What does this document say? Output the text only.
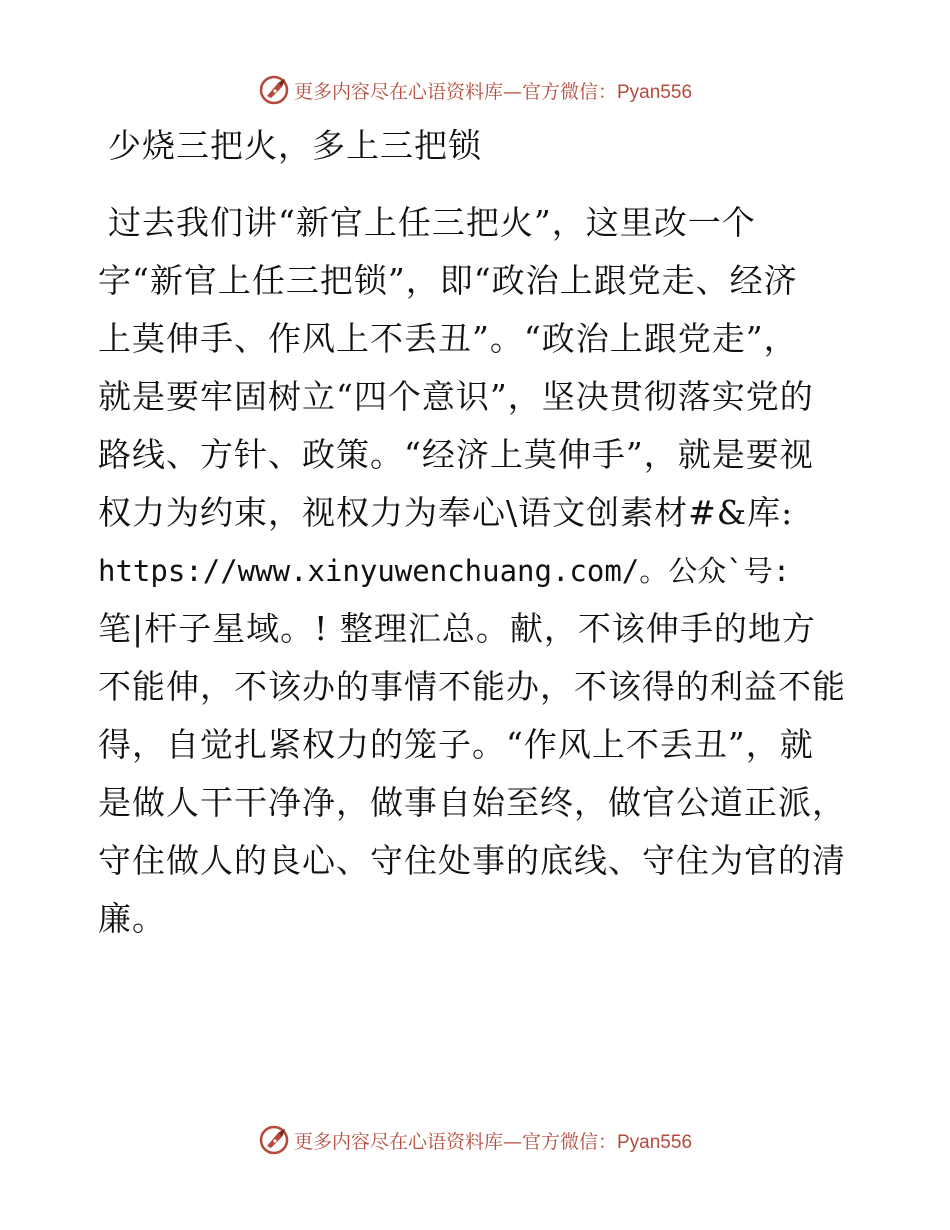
更多内容尽在心语资料库—官方微信：Pyan556
少烧三把火，多上三把锁
过去我们讲“新官上任三把火”，这里改一个
字“新官上任三把锁”，即“政治上跟党走、经济
上莫伸手、作风上不丢丑”。“政治上跟党走”，
就是要牢固树立“四个意识”，坚决贯彻落实党的
路线、方针、政策。“经济上莫伸手”，就是要视
权力为约束，视权力为奉心\语文创素材#&库:
https://www.xinyuwenchuang.com/。公众`号:
笔|杆子星域。! 整理汇总。献，不该伸手的地方
不能伸，不该办的事情不能办，不该得的利益不能
得，自觉扎紧权力的笼子。“作风上不丢丑”，就
是做人干干净净，做事自始至终，做官公道正派，
守住做人的良心、守住处事的底线、守住为官的清
廉。
更多内容尽在心语资料库—官方微信：Pyan556
